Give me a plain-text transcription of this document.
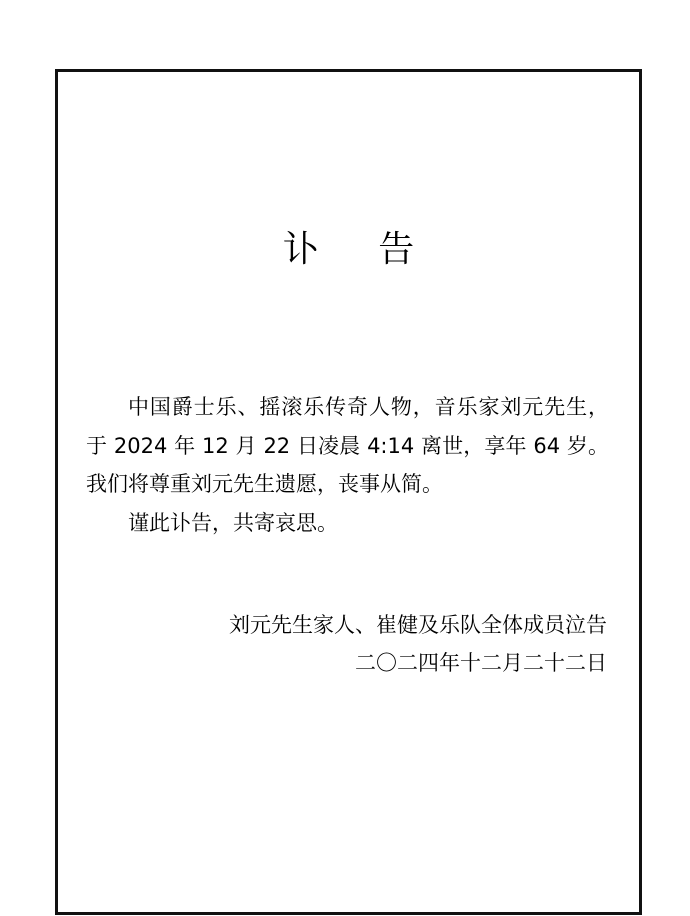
讣 告

中国爵士乐、摇滚乐传奇人物，音乐家刘元先生，于 2024 年 12 月 22 日凌晨 4:14 离世，享年 64 岁。我们将尊重刘元先生遗愿，丧事从简。

谨此讣告，共寄哀思。

刘元先生家人、崔健及乐队全体成员泣告
二〇二四年十二月二十二日
